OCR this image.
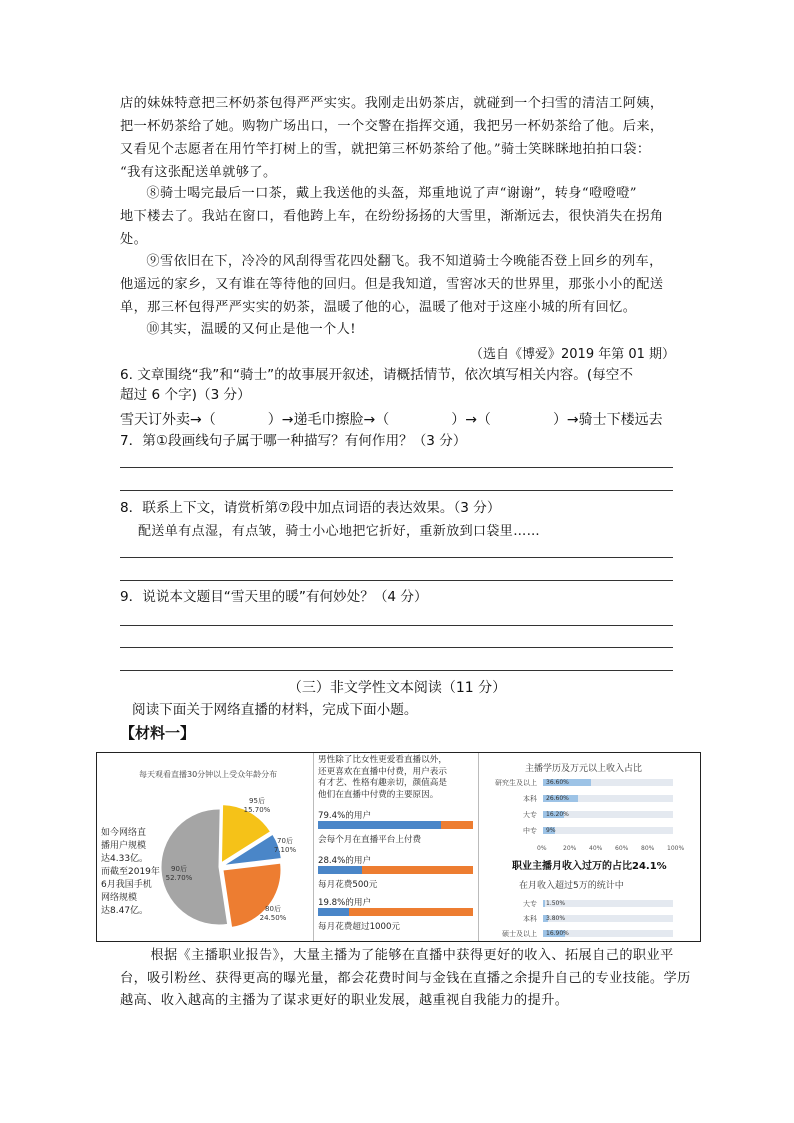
店的妹妹特意把三杯奶茶包得严严实实。我刚走出奶茶店，就碰到一个扫雪的清洁工阿姨，
把一杯奶茶给了她。购物广场出口，一个交警在指挥交通，我把另一杯奶茶给了他。后来，
又看见个志愿者在用竹竿打树上的雪，就把第三杯奶茶给了他。”骑士笑眯眯地拍拍口袋：
“我有这张配送单就够了。
⑧骑士喝完最后一口茶，戴上我送他的头盔，郑重地说了声“谢谢”，转身“噔噔噔”
地下楼去了。我站在窗口，看他跨上车，在纷纷扬扬的大雪里，渐渐远去，很快消失在拐角
处。
⑨雪依旧在下，冷冷的风刮得雪花四处翻飞。我不知道骑士今晚能否登上回乡的列车，
他遥远的家乡，又有谁在等待他的回归。但是我知道，雪窖冰天的世界里，那张小小的配送
单，那三杯包得严严实实的奶茶，温暖了他的心，温暖了他对于这座小城的所有回忆。
⑩其实，温暖的又何止是他一个人!
（选自《博爱》2019 年第 01 期）
6. 文章围绕“我”和“骑士”的故事展开叙述，请概括情节，依次填写相关内容。(每空不
超过 6 个字)（3 分）
雪天订外卖→（	）→递毛巾擦脸→（	）→（	）→骑士下楼远去
7．第①段画线句子属于哪一种描写？有何作用？（3 分）
8．联系上下文，请赏析第⑦段中加点词语的表达效果。（3 分）
配送单有点湿，有点皱，骑士小心地把它折好，重新放到口袋里……
9．说说本文题目“雪天里的暖”有何妙处？（4 分）
（三）非文学性文本阅读（11 分）
阅读下面关于网络直播的材料，完成下面小题。
【材料一】
每天观看直播30分钟以上受众年龄分布
如今网络直
播用户规模
达4.33亿。
而截至2019年
6月我国手机
网络规模
达8.47亿。
95后 15.70%
70后 7.10%
80后 24.50%
90后 52.70%
男性除了比女性更爱看直播以外，
还更喜欢在直播中付费，用户表示
有才艺、性格有趣亲切，颜值高是
他们在直播中付费的主要原因。
79.4%的用户
会每个月在直播平台上付费
28.4%的用户
每月花费500元
19.8%的用户
每月花费超过1000元
主播学历及万元以上收入占比
研究生及以上 36.60%
本科 26.60%
大专 16.20%
中专 9%
0%	20% 40% 60% 80% 100%
职业主播月收入过万的占比24.1%
在月收入超过5万的统计中
大专 1.50%
本科 3.80%
硕士及以上 16.90%
根据《主播职业报告》，大量主播为了能够在直播中获得更好的收入、拓展自己的职业平台，吸引粉丝、获得更高的曝光量，都会花费时间与金钱在直播之余提升自己的专业技能。学历越高、收入越高的主播为了谋求更好的职业发展，越重视自我能力的提升。
